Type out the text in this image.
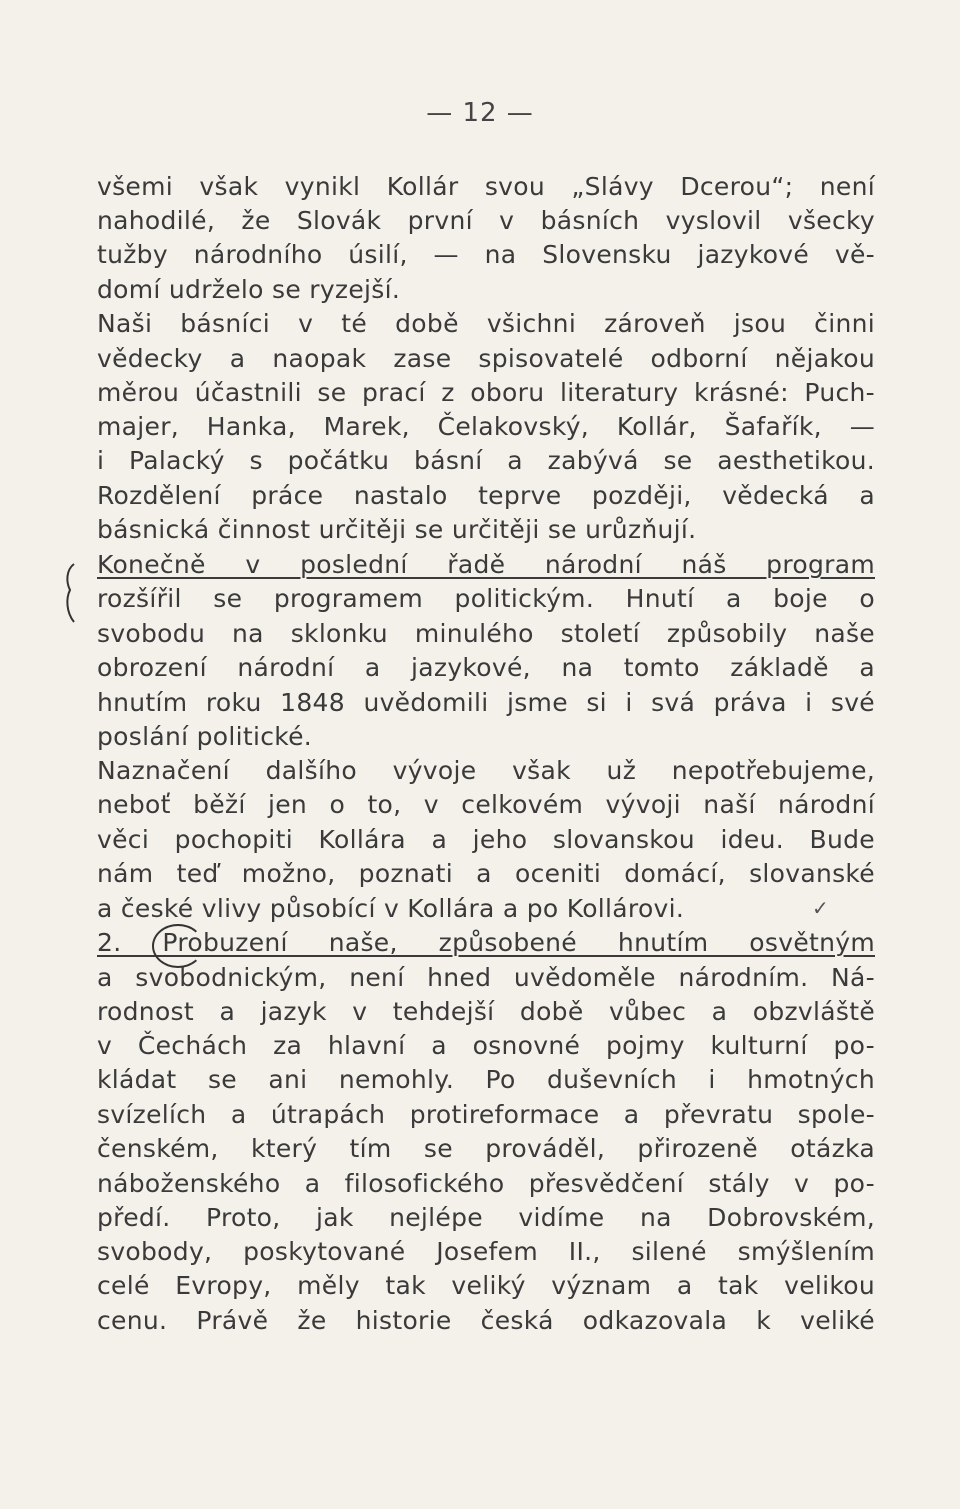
— 12 —
všemi však vynikl Kollár svou „Slávy Dcerou“; není
nahodilé, že Slovák první v básních vyslovil všecky
tužby národního úsilí, — na Slovensku jazykové vě-
domí udrželo se ryzejší.
Naši básníci v té době všichni zároveň jsou činni
vědecky a naopak zase spisovatelé odborní nějakou
měrou účastnili se prací z oboru literatury krásné: Puch-
majer, Hanka, Marek, Čelakovský, Kollár, Šafařík, —
i Palacký s počátku básní a zabývá se aesthetikou.
Rozdělení práce nastalo teprve později, vědecká a
básnická činnost určitěji se určitěji se urůzňují.
Konečně v poslední řadě národní náš program
rozšířil se programem politickým. Hnutí a boje o
svobodu na sklonku minulého století způsobily naše
obrození národní a jazykové, na tomto základě a
hnutím roku 1848 uvědomili jsme si i svá práva i své
poslání politické.
Naznačení dalšího vývoje však už nepotřebujeme,
neboť běží jen o to, v celkovém vývoji naší národní
věci pochopiti Kollára a jeho slovanskou ideu. Bude
nám teď možno, poznati a oceniti domácí, slovanské
a české vlivy působící v Kollára a po Kollárovi.
2. Probuzení naše, způsobené hnutím osvětným
a svobodnickým, není hned uvědoměle národním. Ná-
rodnost a jazyk v tehdejší době vůbec a obzvláště
v Čechách za hlavní a osnovné pojmy kulturní po-
kládat se ani nemohly. Po duševních i hmotných
svízelích a útrapách protireformace a převratu spole-
čenském, který tím se prováděl, přirozeně otázka
náboženského a filosofického přesvědčení stály v po-
předí. Proto, jak nejlépe vidíme na Dobrovském,
svobody, poskytované Josefem II., silené smýšlením
celé Evropy, měly tak veliký význam a tak velikou
cenu. Právě že historie česká odkazovala k veliké
✓
